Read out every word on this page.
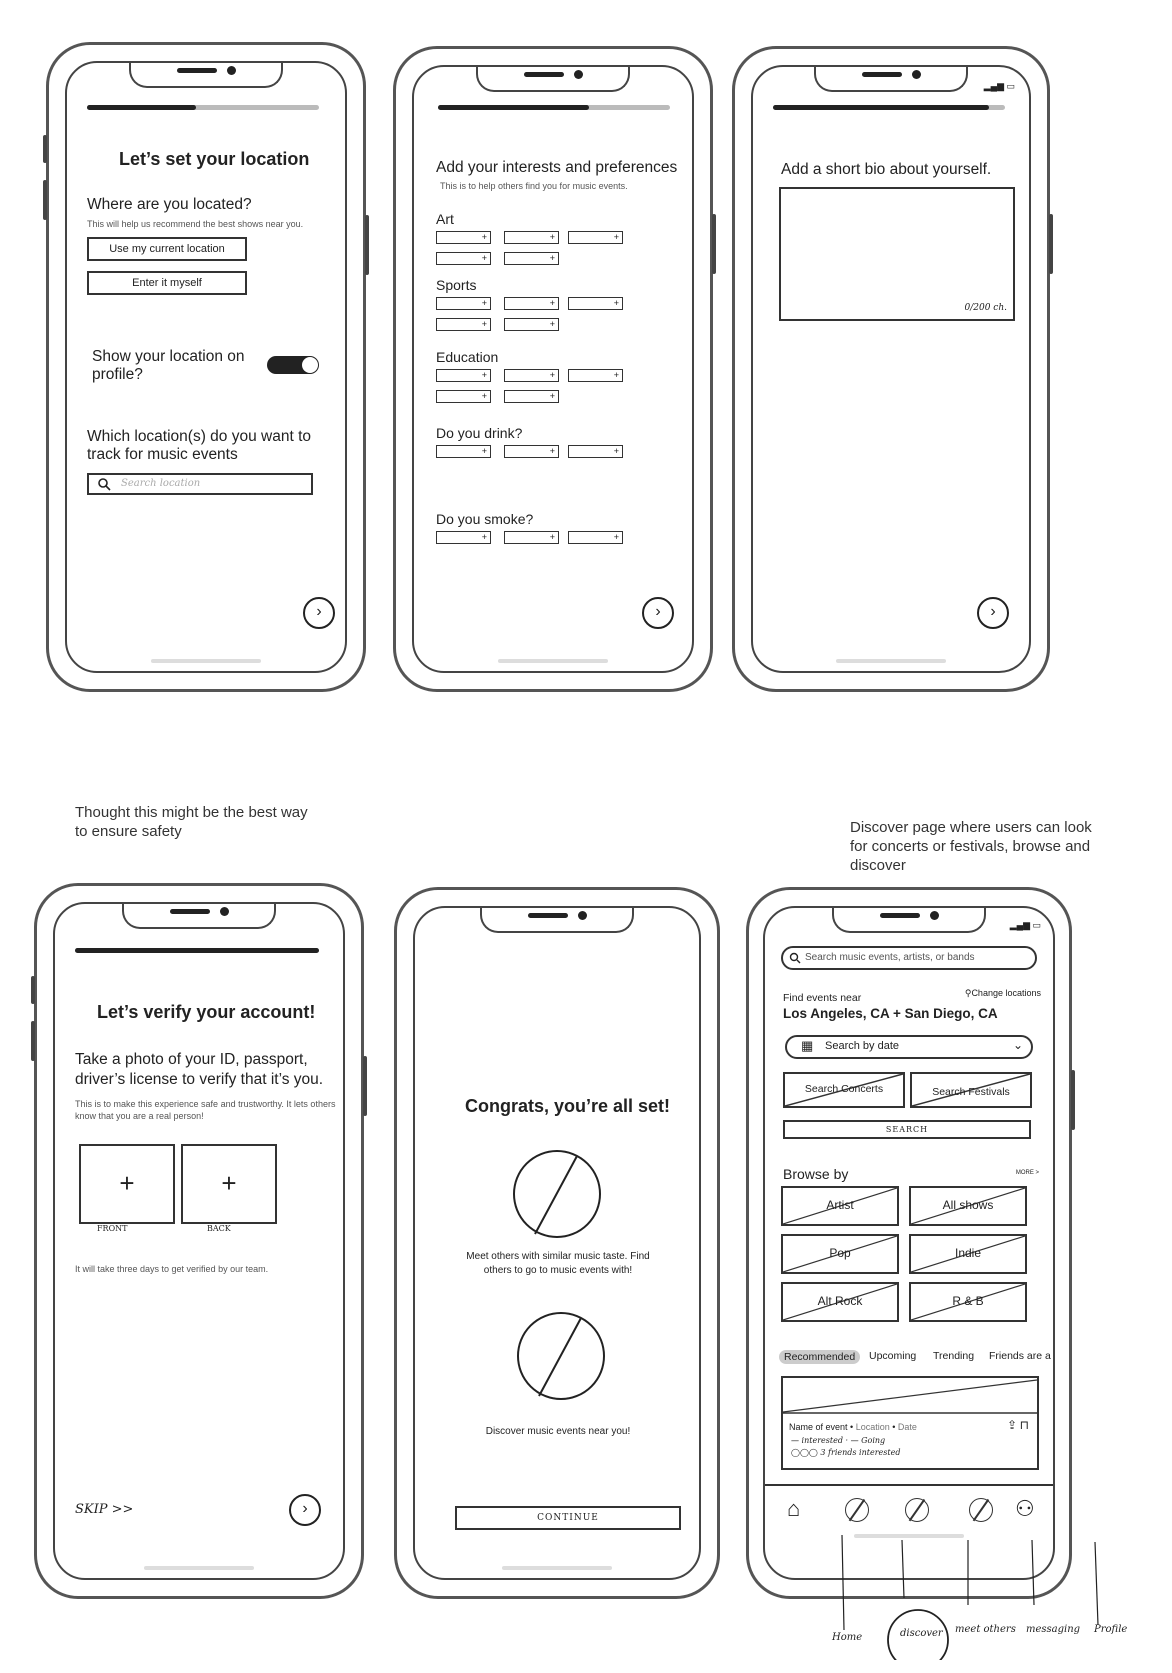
Let’s set your location
Where are you located?
This will help us recommend the best shows near you.
Use my current location
Enter it myself
Show your location on profile?
Which location(s) do you want to track for music events
Search location
›
Add your interests and preferences
This is to help others find you for music events.
Art
+	+	+
+	+
Sports
+	+	+
+	+
Education
+	+	+
+	+
Do you drink?
+	+	+
Do you smoke?
+	+	+
›
▂▄▆ ▭
Add a short bio about yourself.
0/200 ch.
›
Thought this might be the best way to ensure safety	Discover page where users can look for concerts or festivals, browse and discover
Let’s verify your account!
Take a photo of your ID, passport, driver’s license to verify that it’s you.
This is to make this experience safe and trustworthy. It lets others know that you are a real person!
+	+
FRONT	BACK
It will take three days to get verified by our team.
SKIP >>	›
Congrats, you’re all set!
Meet others with similar music taste. Find others to go to music events with!
Discover music events near you!
CONTINUE
▂▄▆ ▭
Search music events, artists, or bands
Find events near	⚲Change locations
Los Angeles, CA + San Diego, CA
▦ Search by date	⌄
Search Concerts	Search Festivals
SEARCH
Browse by	MORE >
Artist	All shows
Pop	Indie
Alt Rock	R & B
Recommended	Upcoming Trending Friends are a
Name of event • Location • Date	⇪ ⊓
— interested · — Going
◯◯◯ 3 friends interested
⌂	⚇
Home	discover meet others messaging Profile
